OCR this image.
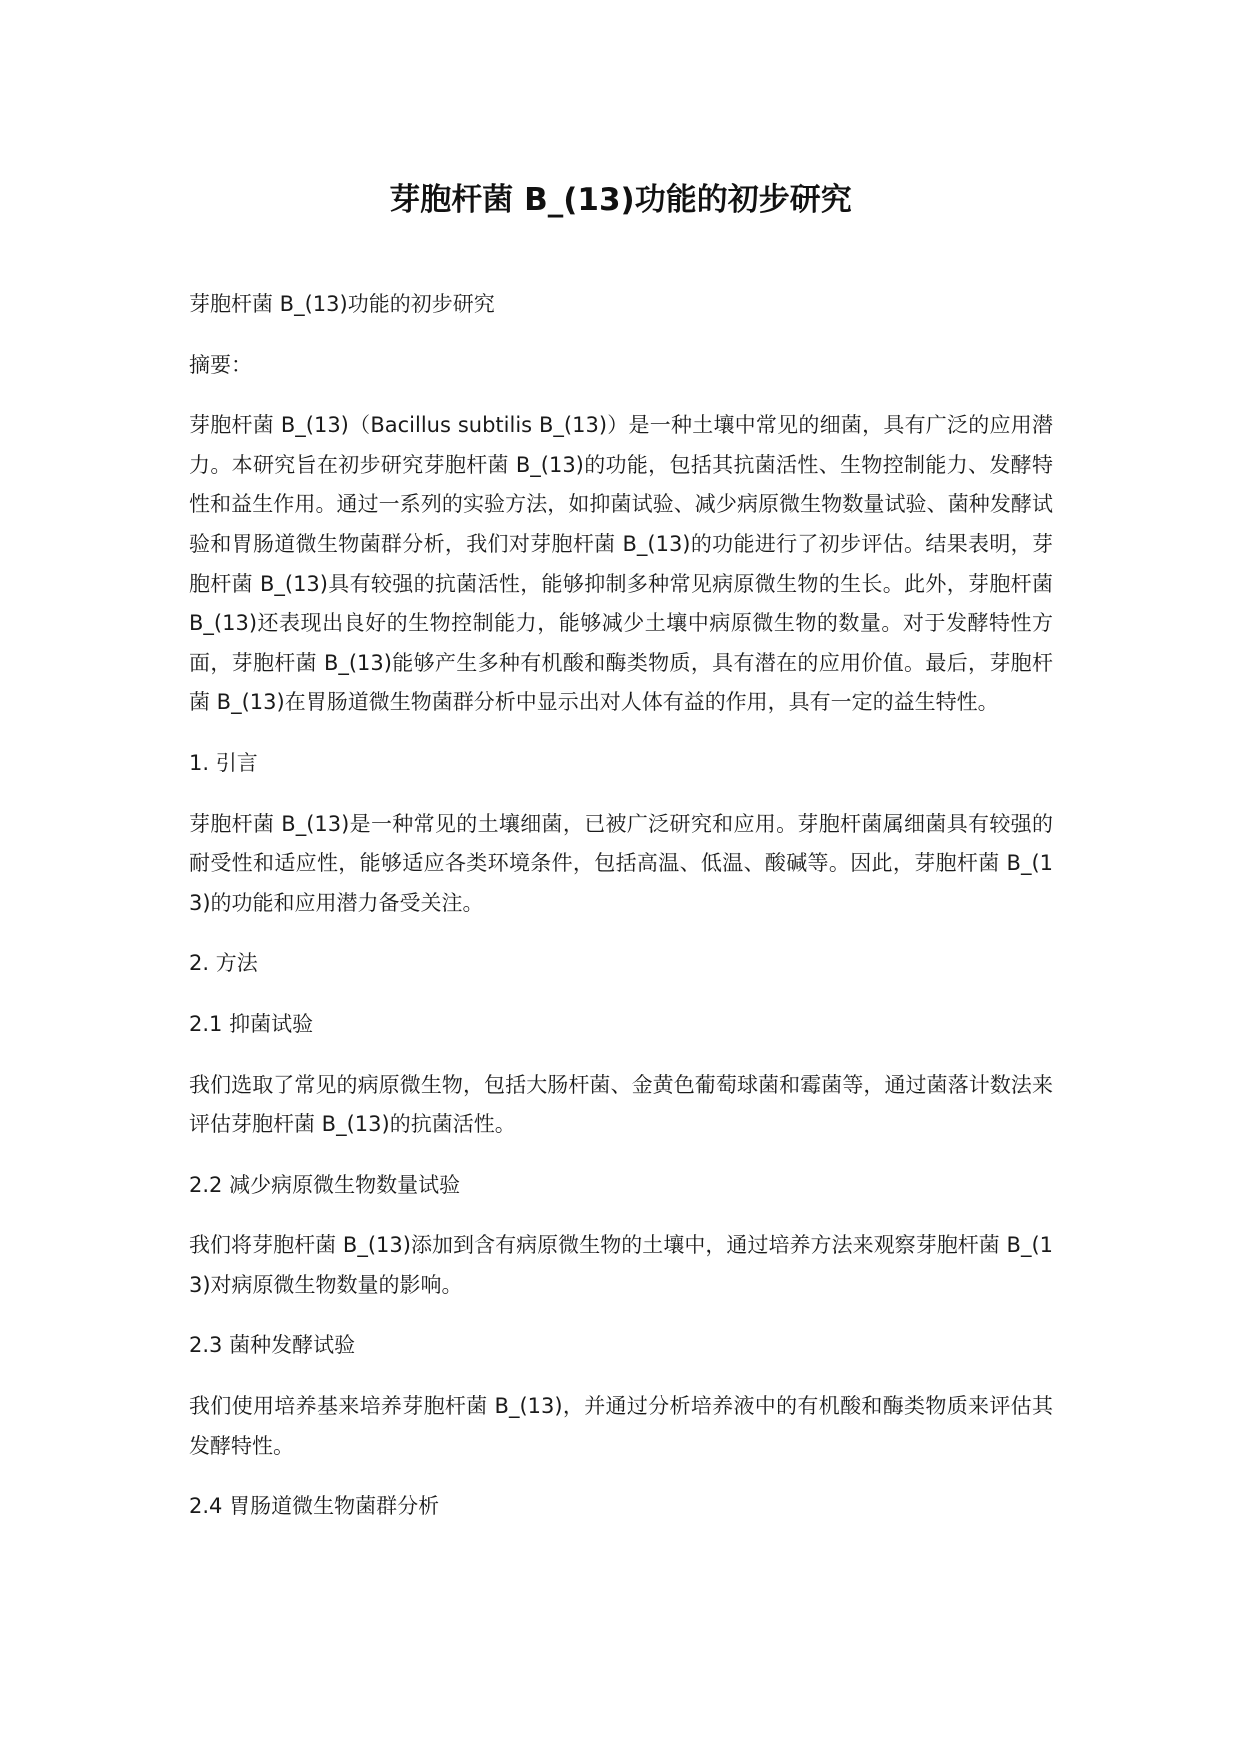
芽胞杆菌 B_(13)功能的初步研究

芽胞杆菌 B_(13)功能的初步研究

摘要：

芽胞杆菌 B_(13)（Bacillus subtilis B_(13)）是一种土壤中常见的细菌，具有广泛的应用潜力。本研究旨在初步研究芽胞杆菌 B_(13)的功能，包括其抗菌活性、生物控制能力、发酵特性和益生作用。通过一系列的实验方法，如抑菌试验、减少病原微生物数量试验、菌种发酵试验和胃肠道微生物菌群分析，我们对芽胞杆菌 B_(13)的功能进行了初步评估。结果表明，芽胞杆菌 B_(13)具有较强的抗菌活性，能够抑制多种常见病原微生物的生长。此外，芽胞杆菌 B_(13)还表现出良好的生物控制能力，能够减少土壤中病原微生物的数量。对于发酵特性方面，芽胞杆菌 B_(13)能够产生多种有机酸和酶类物质，具有潜在的应用价值。最后，芽胞杆菌 B_(13)在胃肠道微生物菌群分析中显示出对人体有益的作用，具有一定的益生特性。

1. 引言

芽胞杆菌 B_(13)是一种常见的土壤细菌，已被广泛研究和应用。芽胞杆菌属细菌具有较强的耐受性和适应性，能够适应各类环境条件，包括高温、低温、酸碱等。因此，芽胞杆菌 B_(13)的功能和应用潜力备受关注。

2. 方法

2.1 抑菌试验

我们选取了常见的病原微生物，包括大肠杆菌、金黄色葡萄球菌和霉菌等，通过菌落计数法来评估芽胞杆菌 B_(13)的抗菌活性。

2.2 减少病原微生物数量试验

我们将芽胞杆菌 B_(13)添加到含有病原微生物的土壤中，通过培养方法来观察芽胞杆菌 B_(13)对病原微生物数量的影响。

2.3 菌种发酵试验

我们使用培养基来培养芽胞杆菌 B_(13)，并通过分析培养液中的有机酸和酶类物质来评估其发酵特性。

2.4 胃肠道微生物菌群分析
